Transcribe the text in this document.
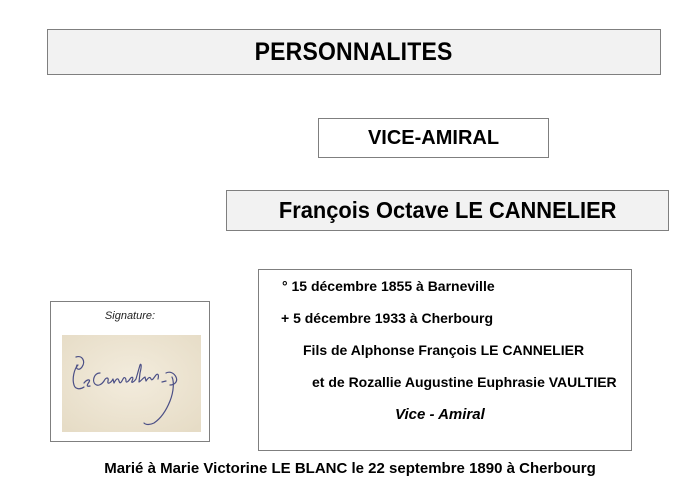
PERSONNALITES
VICE-AMIRAL
François Octave LE CANNELIER
Signature:
° 15 décembre 1855 à Barneville
+ 5 décembre 1933 à Cherbourg
Fils de Alphonse François LE CANNELIER
et de Rozallie Augustine Euphrasie VAULTIER
Vice - Amiral
Marié à Marie Victorine LE BLANC le 22 septembre 1890 à Cherbourg
